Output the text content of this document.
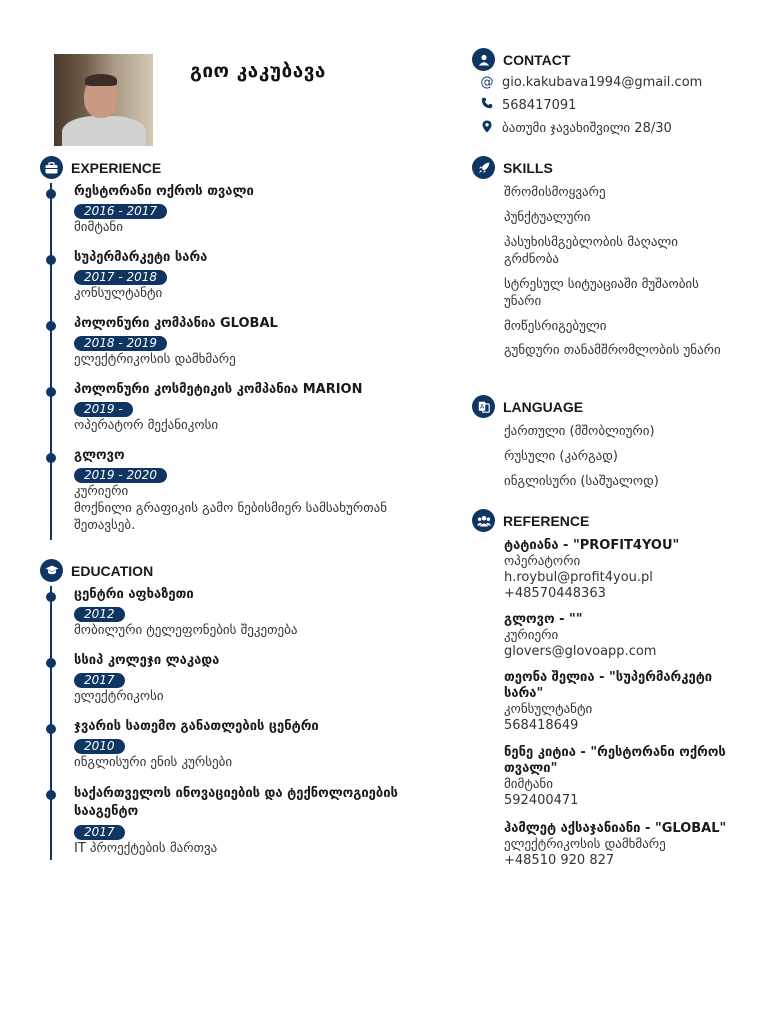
გიო კაკუბავა
EXPERIENCE
რესტორანი ოქროს თვალი
2016 - 2017
მიმტანი
სუპერმარკეტი სარა
2017 - 2018
კონსულტანტი
პოლონური კომპანია GLOBAL
2018 - 2019
ელექტრიკოსის დამხმარე
პოლონური კოსმეტიკის კომპანია MARION
2019 -
ოპერატორ მექანიკოსი
გლოვო
2019 - 2020
კურიერი
მოქნილი გრაფიკის გამო ნებისმიერ სამსახურთან შეთავსებ.
EDUCATION
ცენტრი აფხაზეთი
2012
მობილური ტელეფონების შეკეთება
სსიპ კოლეჯი ლაკადა
2017
ელექტრიკოსი
ჯვარის სათემო განათლების ცენტრი
2010
ინგლისური ენის კურსები
საქართველოს ინოვაციების და ტექნოლოგიების სააგენტო
2017
IT პროექტების მართვა
CONTACT
@ gio.kakubava1994@gmail.com
568417091
ბათუმი ჯავახიშვილი 28/30
SKILLS
შრომისმოყვარე
პუნქტუალური
პასუხისმგებლობის მაღალი გრძნობა
სტრესულ სიტუაციაში მუშაობის უნარი
მოწესრიგებული
გუნდური თანამშრომლობის უნარი
A LANGUAGE
ქართული (მშობლიური)
რუსული (კარგად)
ინგლისური (საშუალოდ)
REFERENCE
ტატიანა - "PROFIT4YOU"
ოპერატორი
h.roybul@profit4you.pl
+48570448363
გლოვო - ""
კურიერი
glovers@glovoapp.com
თეონა შელია - "სუპერმარკეტი სარა"
კონსულტანტი
568418649
ნენე კიტია - "რესტორანი ოქროს თვალი"
მიმტანი
592400471
ჰამლეტ აქსაჯანიანი - "GLOBAL"
ელექტრიკოსის დამხმარე
+48510 920 827
